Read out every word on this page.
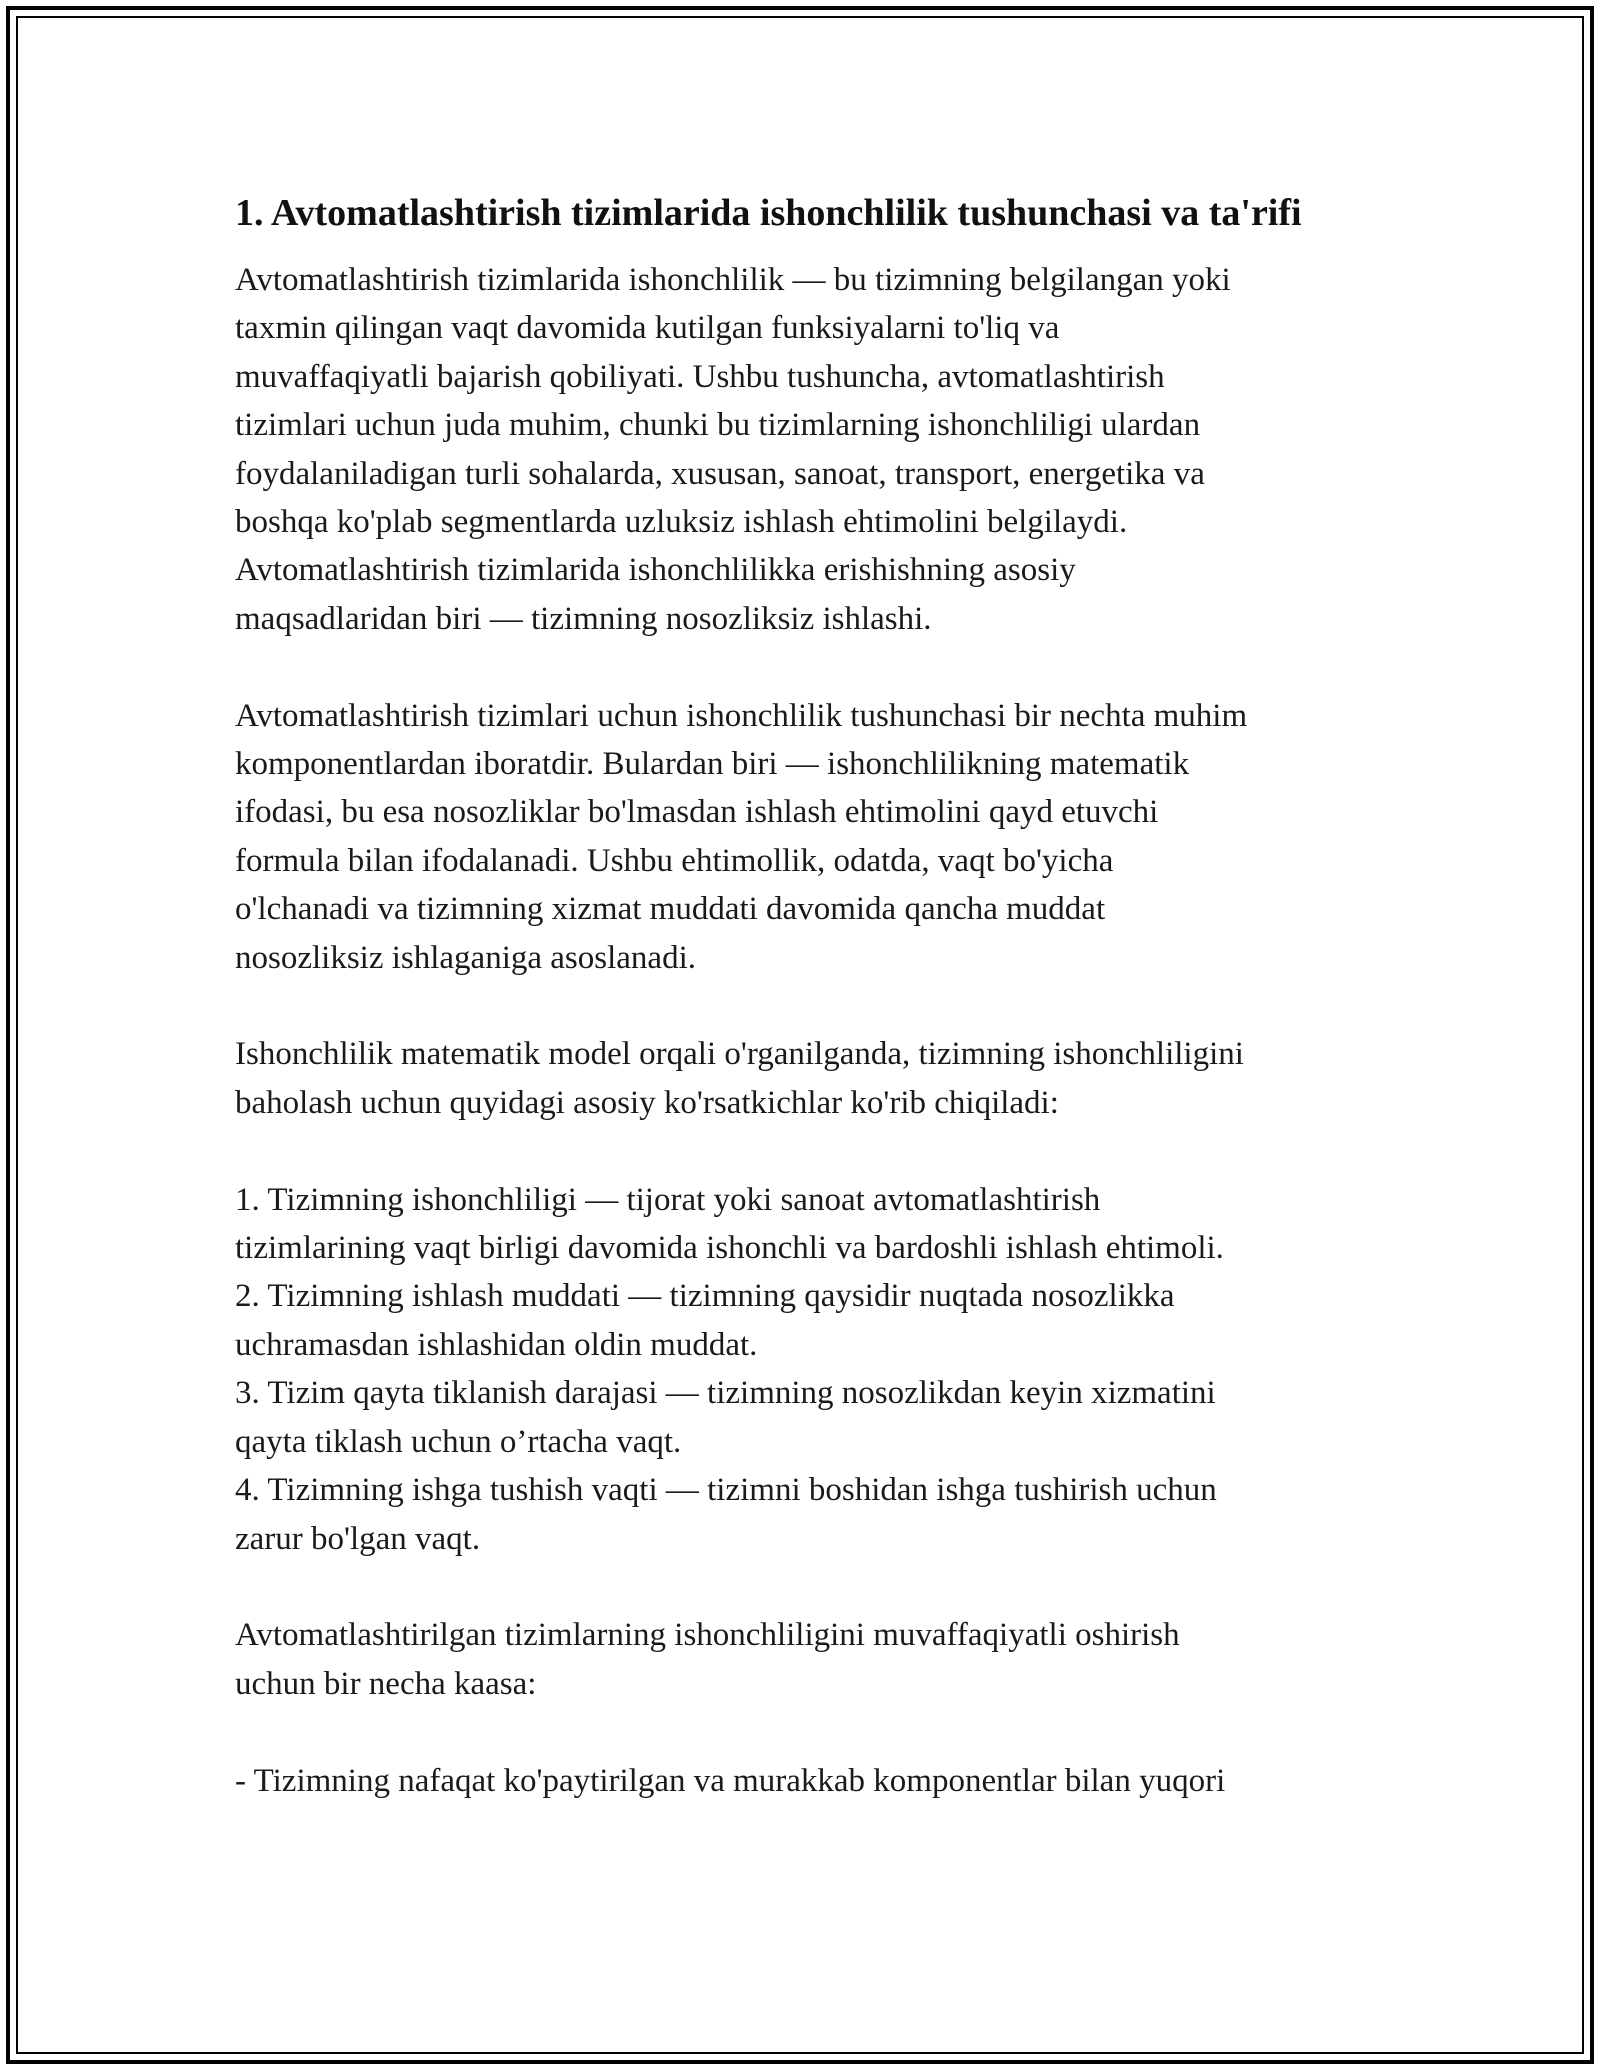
1. Avtomatlashtirish tizimlarida ishonchlilik tushunchasi va ta'rifi
Avtomatlashtirish tizimlarida ishonchlilik — bu tizimning belgilangan yoki
taxmin qilingan vaqt davomida kutilgan funksiyalarni to'liq va
muvaffaqiyatli bajarish qobiliyati. Ushbu tushuncha, avtomatlashtirish
tizimlari uchun juda muhim, chunki bu tizimlarning ishonchliligi ulardan
foydalaniladigan turli sohalarda, xususan, sanoat, transport, energetika va
boshqa ko'plab segmentlarda uzluksiz ishlash ehtimolini belgilaydi.
Avtomatlashtirish tizimlarida ishonchlilikka erishishning asosiy
maqsadlaridan biri — tizimning nosozliksiz ishlashi.
Avtomatlashtirish tizimlari uchun ishonchlilik tushunchasi bir nechta muhim
komponentlardan iboratdir. Bulardan biri — ishonchlilikning matematik
ifodasi, bu esa nosozliklar bo'lmasdan ishlash ehtimolini qayd etuvchi
formula bilan ifodalanadi. Ushbu ehtimollik, odatda, vaqt bo'yicha
o'lchanadi va tizimning xizmat muddati davomida qancha muddat
nosozliksiz ishlaganiga asoslanadi.
Ishonchlilik matematik model orqali o'rganilganda, tizimning ishonchliligini
baholash uchun quyidagi asosiy ko'rsatkichlar ko'rib chiqiladi:
1. Tizimning ishonchliligi — tijorat yoki sanoat avtomatlashtirish
tizimlarining vaqt birligi davomida ishonchli va bardoshli ishlash ehtimoli.
2. Tizimning ishlash muddati — tizimning qaysidir nuqtada nosozlikka
uchramasdan ishlashidan oldin muddat.
3. Tizim qayta tiklanish darajasi — tizimning nosozlikdan keyin xizmatini
qayta tiklash uchun o’rtacha vaqt.
4. Tizimning ishga tushish vaqti — tizimni boshidan ishga tushirish uchun
zarur bo'lgan vaqt.
Avtomatlashtirilgan tizimlarning ishonchliligini muvaffaqiyatli oshirish
uchun bir necha kaasa:
- Tizimning nafaqat ko'paytirilgan va murakkab komponentlar bilan yuqori
